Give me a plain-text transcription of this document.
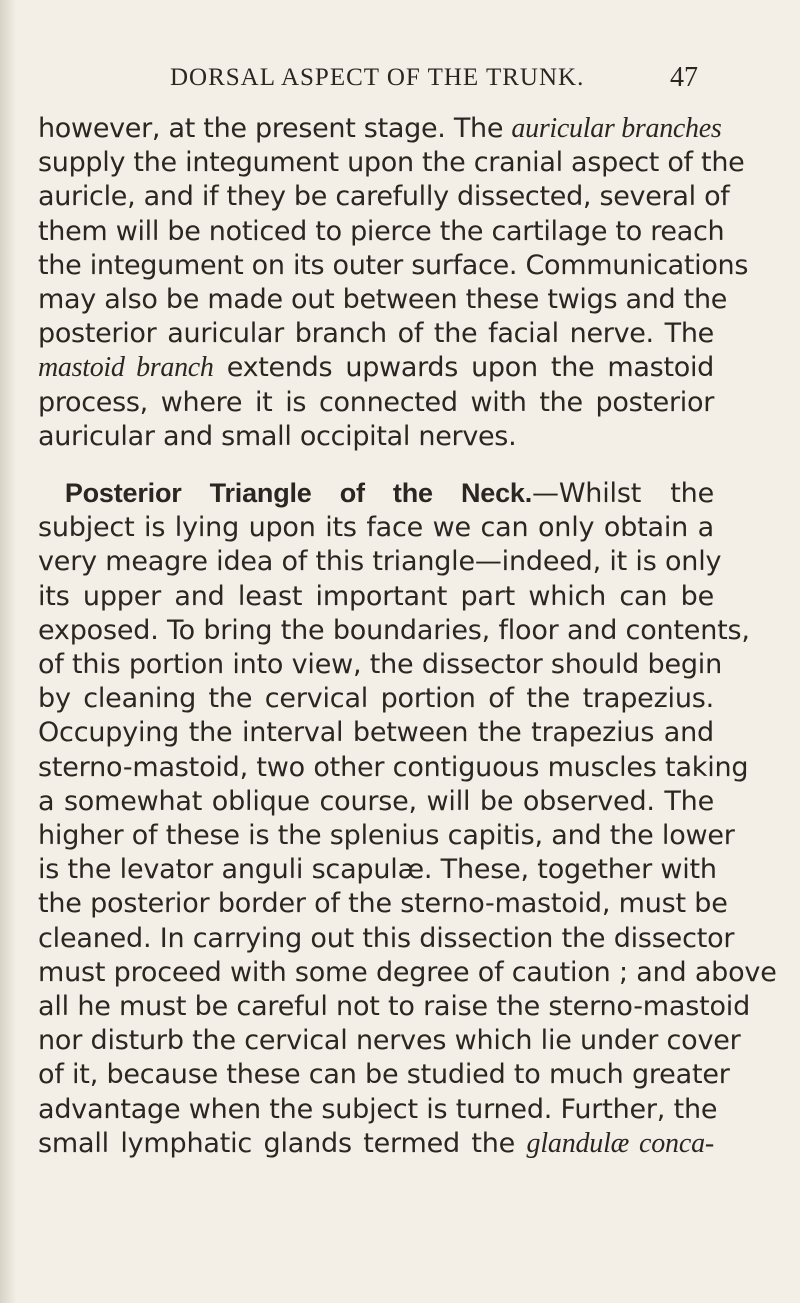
DORSAL ASPECT OF THE TRUNK.	47
however, at the present stage. The auricular branches
supply the integument upon the cranial aspect of the
auricle, and if they be carefully dissected, several of
them will be noticed to pierce the cartilage to reach
the integument on its outer surface. Communications
may also be made out between these twigs and the
posterior auricular branch of the facial nerve. The
mastoid branch extends upwards upon the mastoid
process, where it is connected with the posterior
auricular and small occipital nerves.
 Posterior Triangle of the Neck.—Whilst the
subject is lying upon its face we can only obtain a
very meagre idea of this triangle—indeed, it is only
its upper and least important part which can be
exposed. To bring the boundaries, floor and contents,
of this portion into view, the dissector should begin
by cleaning the cervical portion of the trapezius.
Occupying the interval between the trapezius and
sterno-mastoid, two other contiguous muscles taking
a somewhat oblique course, will be observed. The
higher of these is the splenius capitis, and the lower
is the levator anguli scapulæ. These, together with
the posterior border of the sterno-mastoid, must be
cleaned. In carrying out this dissection the dissector
must proceed with some degree of caution ; and above
all he must be careful not to raise the sterno-mastoid
nor disturb the cervical nerves which lie under cover
of it, because these can be studied to much greater
advantage when the subject is turned. Further, the
small lymphatic glands termed the glandulæ conca-
